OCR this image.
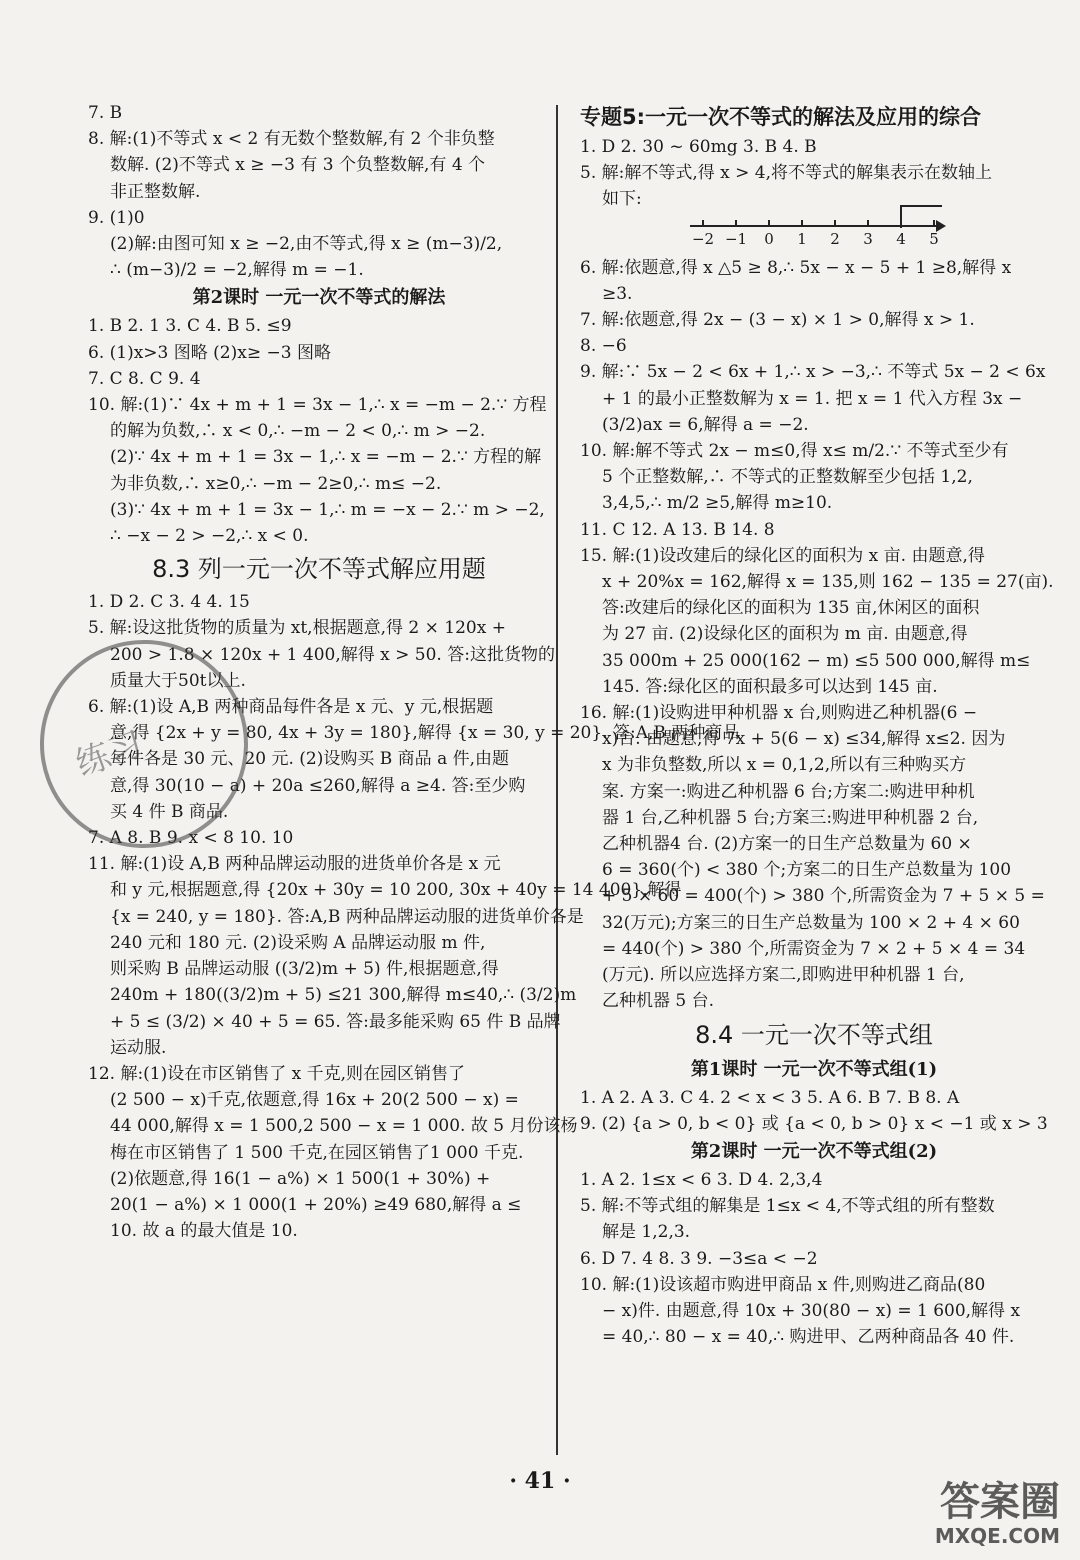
7. B
8. 解:(1)不等式 x < 2 有无数个整数解,有 2 个非负整
数解. (2)不等式 x ≥ −3 有 3 个负整数解,有 4 个
非正整数解.
9. (1)0
(2)解:由图可知 x ≥ −2,由不等式,得 x ≥ (m−3)/2,
∴ (m−3)/2 = −2,解得 m = −1.
第2课时 一元一次不等式的解法
1. B 2. 1 3. C 4. B 5. ≤9
6. (1)x>3 图略 (2)x≥ −3 图略
7. C 8. C 9. 4
10. 解:(1)∵ 4x + m + 1 = 3x − 1,∴ x = −m − 2.∵ 方程
的解为负数,∴ x < 0,∴ −m − 2 < 0,∴ m > −2.
(2)∵ 4x + m + 1 = 3x − 1,∴ x = −m − 2.∵ 方程的解
为非负数,∴ x≥0,∴ −m − 2≥0,∴ m≤ −2.
(3)∵ 4x + m + 1 = 3x − 1,∴ m = −x − 2.∵ m > −2,
∴ −x − 2 > −2,∴ x < 0.
8.3 列一元一次不等式解应用题
1. D 2. C 3. 4 4. 15
5. 解:设这批货物的质量为 xt,根据题意,得 2 × 120x +
200 > 1.8 × 120x + 1 400,解得 x > 50. 答:这批货物的
质量大于50t以上.
6. 解:(1)设 A,B 两种商品每件各是 x 元、y 元,根据题
意,得 {2x + y = 80, 4x + 3y = 180},解得 {x = 30, y = 20}. 答:A,B 两种商品
每件各是 30 元、20 元. (2)设购买 B 商品 a 件,由题
意,得 30(10 − a) + 20a ≤260,解得 a ≥4. 答:至少购
买 4 件 B 商品.
7. A 8. B 9. x < 8 10. 10
11. 解:(1)设 A,B 两种品牌运动服的进货单价各是 x 元
和 y 元,根据题意,得 {20x + 30y = 10 200, 30x + 40y = 14 400},解得
{x = 240, y = 180}. 答:A,B 两种品牌运动服的进货单价各是
240 元和 180 元. (2)设采购 A 品牌运动服 m 件,
则采购 B 品牌运动服 ((3/2)m + 5) 件,根据题意,得
240m + 180((3/2)m + 5) ≤21 300,解得 m≤40,∴ (3/2)m
+ 5 ≤ (3/2) × 40 + 5 = 65. 答:最多能采购 65 件 B 品牌
运动服.
12. 解:(1)设在市区销售了 x 千克,则在园区销售了
(2 500 − x)千克,依题意,得 16x + 20(2 500 − x) =
44 000,解得 x = 1 500,2 500 − x = 1 000. 故 5 月份该杨
梅在市区销售了 1 500 千克,在园区销售了1 000 千克.
(2)依题意,得 16(1 − a%) × 1 500(1 + 30%) +
20(1 − a%) × 1 000(1 + 20%) ≥49 680,解得 a ≤
10. 故 a 的最大值是 10.
专题5:一元一次不等式的解法及应用的综合
1. D 2. 30 ~ 60mg 3. B 4. B
5. 解:解不等式,得 x > 4,将不等式的解集表示在数轴上
如下:
−2 −1	0	1	2	3	4	5
6. 解:依题意,得 x △5 ≥ 8,∴ 5x − x − 5 + 1 ≥8,解得 x
≥3.
7. 解:依题意,得 2x − (3 − x) × 1 > 0,解得 x > 1.
8. −6
9. 解:∵ 5x − 2 < 6x + 1,∴ x > −3,∴ 不等式 5x − 2 < 6x
+ 1 的最小正整数解为 x = 1. 把 x = 1 代入方程 3x −
(3/2)ax = 6,解得 a = −2.
10. 解:解不等式 2x − m≤0,得 x≤ m/2.∵ 不等式至少有
5 个正整数解,∴ 不等式的正整数解至少包括 1,2,
3,4,5,∴ m/2 ≥5,解得 m≥10.
11. C 12. A 13. B 14. 8
15. 解:(1)设改建后的绿化区的面积为 x 亩. 由题意,得
x + 20%x = 162,解得 x = 135,则 162 − 135 = 27(亩).
答:改建后的绿化区的面积为 135 亩,休闲区的面积
为 27 亩. (2)设绿化区的面积为 m 亩. 由题意,得
35 000m + 25 000(162 − m) ≤5 500 000,解得 m≤
145. 答:绿化区的面积最多可以达到 145 亩.
16. 解:(1)设购进甲种机器 x 台,则购进乙种机器(6 −
x)台. 由题意,得 7x + 5(6 − x) ≤34,解得 x≤2. 因为
x 为非负整数,所以 x = 0,1,2,所以有三种购买方
案. 方案一:购进乙种机器 6 台;方案二:购进甲种机
器 1 台,乙种机器 5 台;方案三:购进甲种机器 2 台,
乙种机器4 台. (2)方案一的日生产总数量为 60 ×
6 = 360(个) < 380 个;方案二的日生产总数量为 100
+ 5 × 60 = 400(个) > 380 个,所需资金为 7 + 5 × 5 =
32(万元);方案三的日生产总数量为 100 × 2 + 4 × 60
= 440(个) > 380 个,所需资金为 7 × 2 + 5 × 4 = 34
(万元). 所以应选择方案二,即购进甲种机器 1 台,
乙种机器 5 台.
8.4 一元一次不等式组
第1课时 一元一次不等式组(1)
1. A 2. A 3. C 4. 2 < x < 3 5. A 6. B 7. B 8. A
9. (2) {a > 0, b < 0} 或 {a < 0, b > 0} x < −1 或 x > 3
第2课时 一元一次不等式组(2)
1. A 2. 1≤x < 6 3. D 4. 2,3,4
5. 解:不等式组的解集是 1≤x < 4,不等式组的所有整数
解是 1,2,3.
6. D 7. 4 8. 3 9. −3≤a < −2
10. 解:(1)设该超市购进甲商品 x 件,则购进乙商品(80
− x)件. 由题意,得 10x + 30(80 − x) = 1 600,解得 x
= 40,∴ 80 − x = 40,∴ 购进甲、乙两种商品各 40 件.
练习
· 41 ·	答案圈
MXQE.COM
